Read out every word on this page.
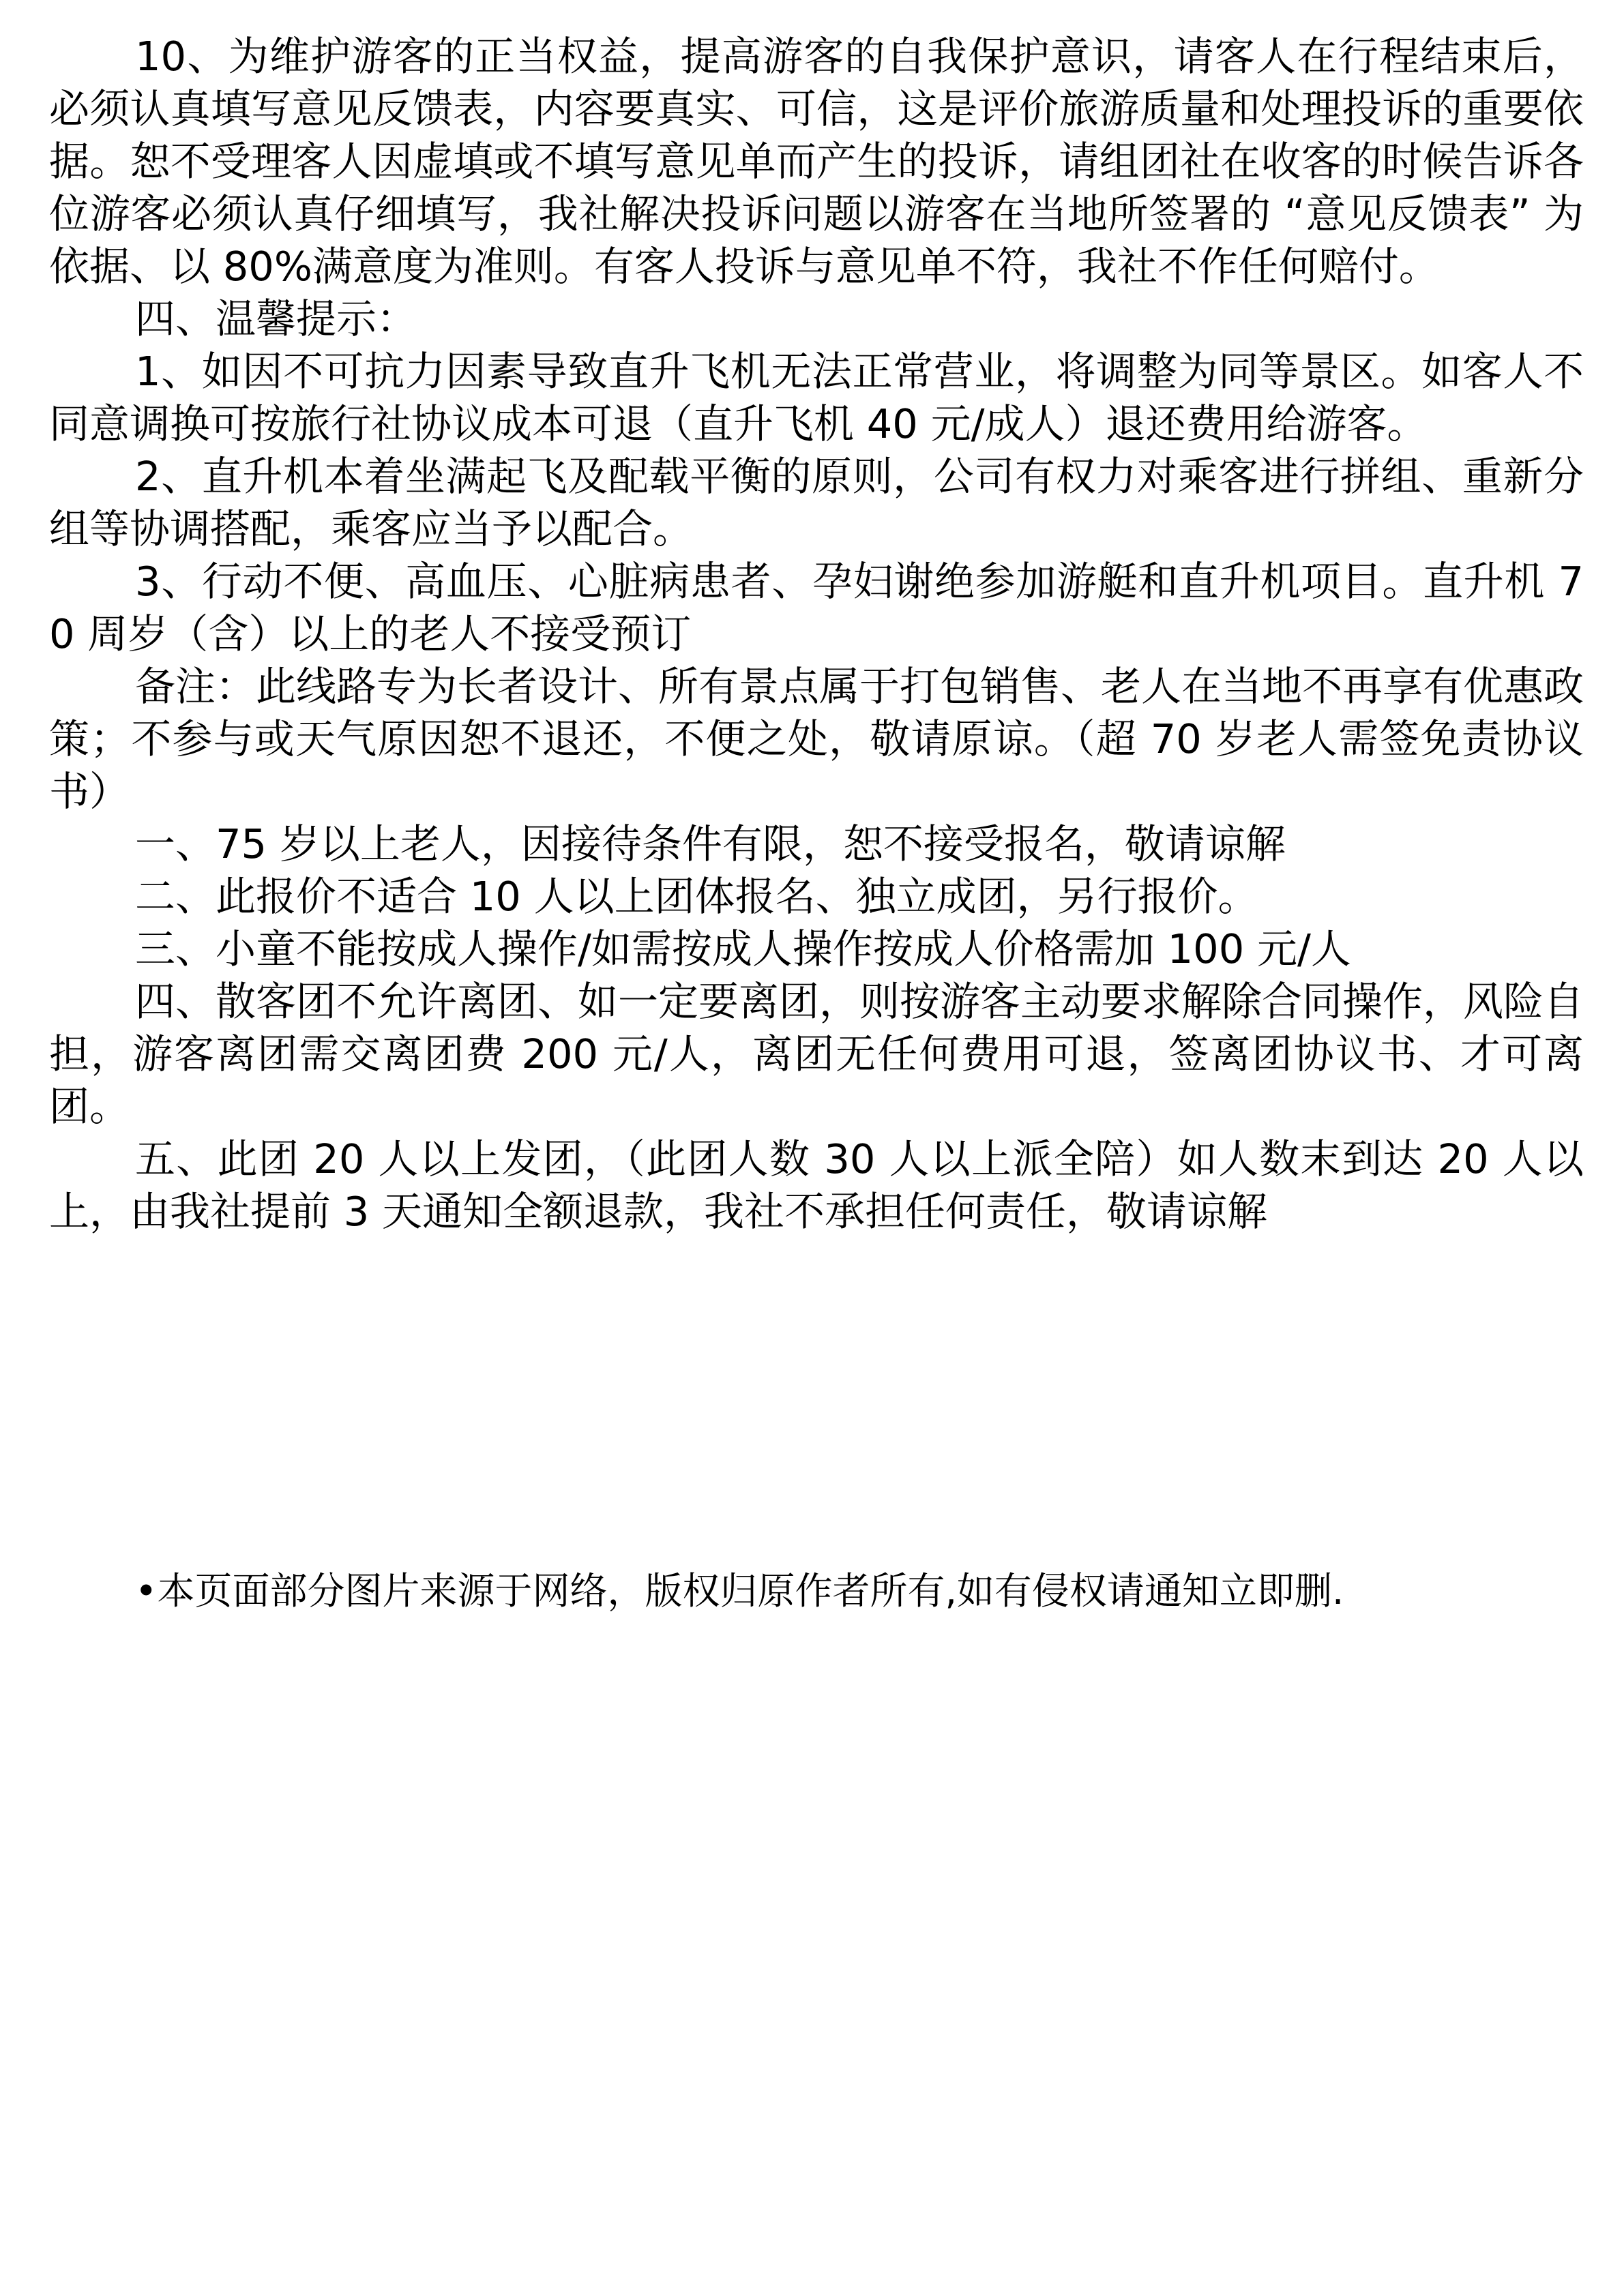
10、为维护游客的正当权益，提高游客的自我保护意识，请客人在行程结束后，必须认真填写意见反馈表，内容要真实、可信，这是评价旅游质量和处理投诉的重要依据。恕不受理客人因虚填或不填写意见单而产生的投诉，请组团社在收客的时候告诉各位游客必须认真仔细填写，我社解决投诉问题以游客在当地所签署的 “意见反馈表” 为依据、以 80%满意度为准则。有客人投诉与意见单不符，我社不作任何赔付。

四、温馨提示：

1、如因不可抗力因素导致直升飞机无法正常营业，将调整为同等景区。如客人不同意调换可按旅行社协议成本可退（直升飞机 40 元/成人）退还费用给游客。

2、直升机本着坐满起飞及配载平衡的原则，公司有权力对乘客进行拼组、重新分组等协调搭配，乘客应当予以配合。

3、行动不便、高血压、心脏病患者、孕妇谢绝参加游艇和直升机项目。直升机 70 周岁（含）以上的老人不接受预订

备注：此线路专为长者设计、所有景点属于打包销售、老人在当地不再享有优惠政策；不参与或天气原因恕不退还，不便之处，敬请原谅。（超 70 岁老人需签免责协议书）

一、75 岁以上老人，因接待条件有限，恕不接受报名，敬请谅解

二、此报价不适合 10 人以上团体报名、独立成团，另行报价。

三、小童不能按成人操作/如需按成人操作按成人价格需加 100 元/人

四、散客团不允许离团、如一定要离团，则按游客主动要求解除合同操作，风险自担，游客离团需交离团费 200 元/人，离团无任何费用可退，签离团协议书、才可离团。

五、此团 20 人以上发团，（此团人数 30 人以上派全陪）如人数末到达 20 人以上，由我社提前 3 天通知全额退款，我社不承担任何责任，敬请谅解

•本页面部分图片来源于网络，版权归原作者所有,如有侵权请通知立即删.
